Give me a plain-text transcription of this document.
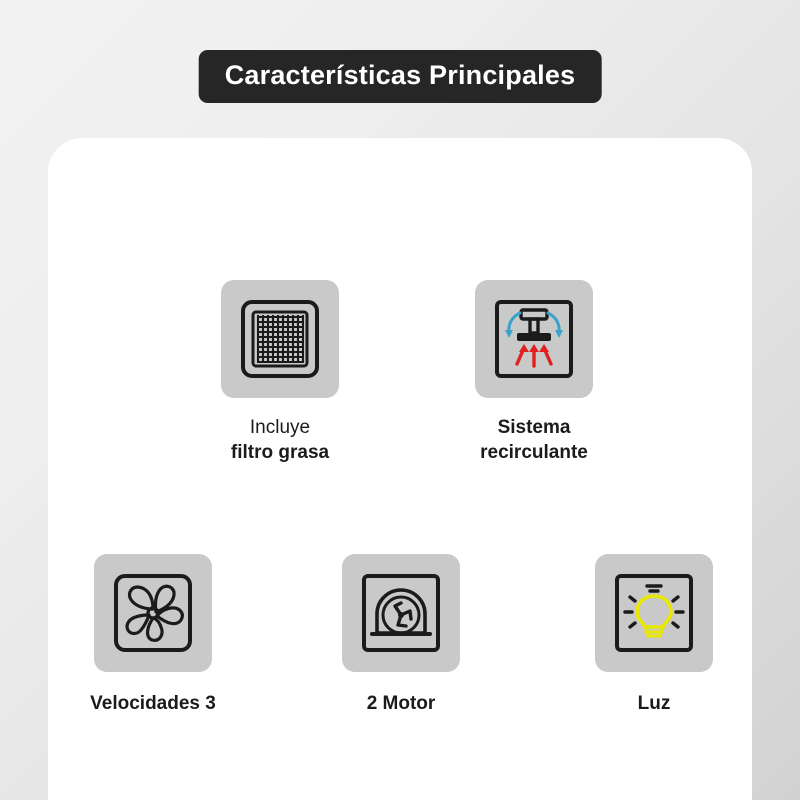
Características Principales
Incluye
filtro grasa
Sistema
recirculante
Velocidades 3	2 Motor	Luz
